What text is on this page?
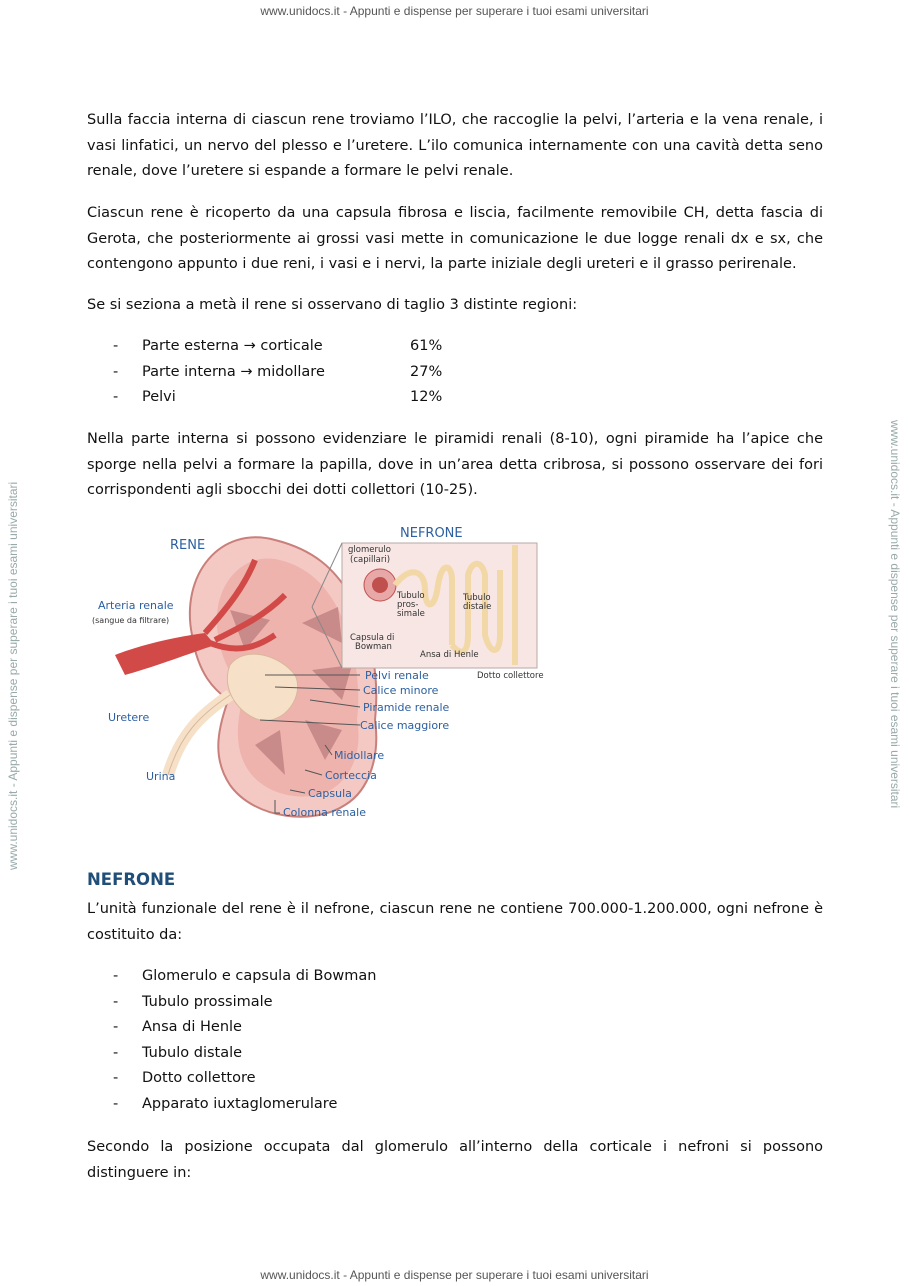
www.unidocs.it - Appunti e dispense per superare i tuoi esami universitari
www.unidocs.it - Appunti e dispense per superare i tuoi esami universitari	www.unidocs.it - Appunti e dispense per superare i tuoi esami universitari

Sulla faccia interna di ciascun rene troviamo l’ILO, che raccoglie la pelvi, l’arteria e la vena renale, i vasi linfatici, un nervo del plesso e l’uretere. L’ilo comunica internamente con una cavità detta seno renale, dove l’uretere si espande a formare le pelvi renale.

Ciascun rene è ricoperto da una capsula fibrosa e liscia, facilmente removibile CH, detta fascia di Gerota, che posteriormente ai grossi vasi mette in comunicazione le due logge renali dx e sx, che contengono appunto i due reni, i vasi e i nervi, la parte iniziale degli ureteri e il grasso perirenale.

Se si seziona a metà il rene si osservano di taglio 3 distinte regioni:

- Parte esterna → corticale	61%
- Parte interna → midollare	27%
- Pelvi	12%

Nella parte interna si possono evidenziare le piramidi renali (8-10), ogni piramide ha l’apice che sporge nella pelvi a formare la papilla, dove in un’area detta cribrosa, si possono osservare dei fori corrispondenti agli sbocchi dei dotti collettori (10-25).

RENE
NEFRONE
Arteria renale
(sangue da filtrare)
Uretere
Urina
Pelvi renale
Calice minore
Piramide renale
Calice maggiore
Midollare
Corteccia
Capsula
Colonna renale
glomerulo
(capillari)
Tubulo
pros-
simale
Tubulo
distale
Capsula di
Bowman
Ansa di Henle
Dotto collettore
NEFRONE

L’unità funzionale del rene è il nefrone, ciascun rene ne contiene 700.000-1.200.000, ogni nefrone è costituito da:

- Glomerulo e capsula di Bowman
- Tubulo prossimale
- Ansa di Henle
- Tubulo distale
- Dotto collettore
- Apparato iuxtaglomerulare

Secondo la posizione occupata dal glomerulo all’interno della corticale i nefroni si possono distinguere in:

www.unidocs.it - Appunti e dispense per superare i tuoi esami universitari
